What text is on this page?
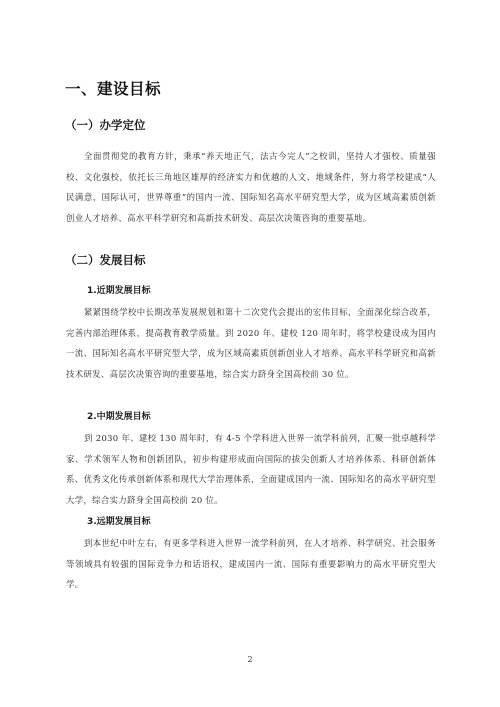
一、建设目标
（一）办学定位

全面贯彻党的教育方针，秉承“养天地正气，法古今完人”之校训，坚持人才强校、质量强校、文化强校，依托长三角地区雄厚的经济实力和优越的人文、地域条件，努力将学校建成“人民满意，国际认可，世界尊重”的国内一流、国际知名高水平研究型大学，成为区域高素质创新创业人才培养、高水平科学研究和高新技术研发、高层次决策咨询的重要基地。

（二）发展目标
1.近期发展目标

紧紧围绕学校中长期改革发展规划和第十二次党代会提出的宏伟目标，全面深化综合改革，完善内部治理体系，提高教育教学质量。到 2020 年、建校 120 周年时，将学校建设成为国内一流、国际知名高水平研究型大学，成为区域高素质创新创业人才培养、高水平科学研究和高新技术研发、高层次决策咨询的重要基地，综合实力跻身全国高校前 30 位。

2.中期发展目标

到 2030 年、建校 130 周年时，有 4-5 个学科进入世界一流学科前列，汇聚一批卓越科学家、学术领军人物和创新团队，初步构建形成面向国际的拔尖创新人才培养体系、科研创新体系、优秀文化传承创新体系和现代大学治理体系，全面建成国内一流、国际知名的高水平研究型大学，综合实力跻身全国高校前 20 位。

3.远期发展目标

到本世纪中叶左右，有更多学科进入世界一流学科前列，在人才培养、科学研究、社会服务等领域具有较强的国际竞争力和话语权，建成国内一流、国际有重要影响力的高水平研究型大学。

2
